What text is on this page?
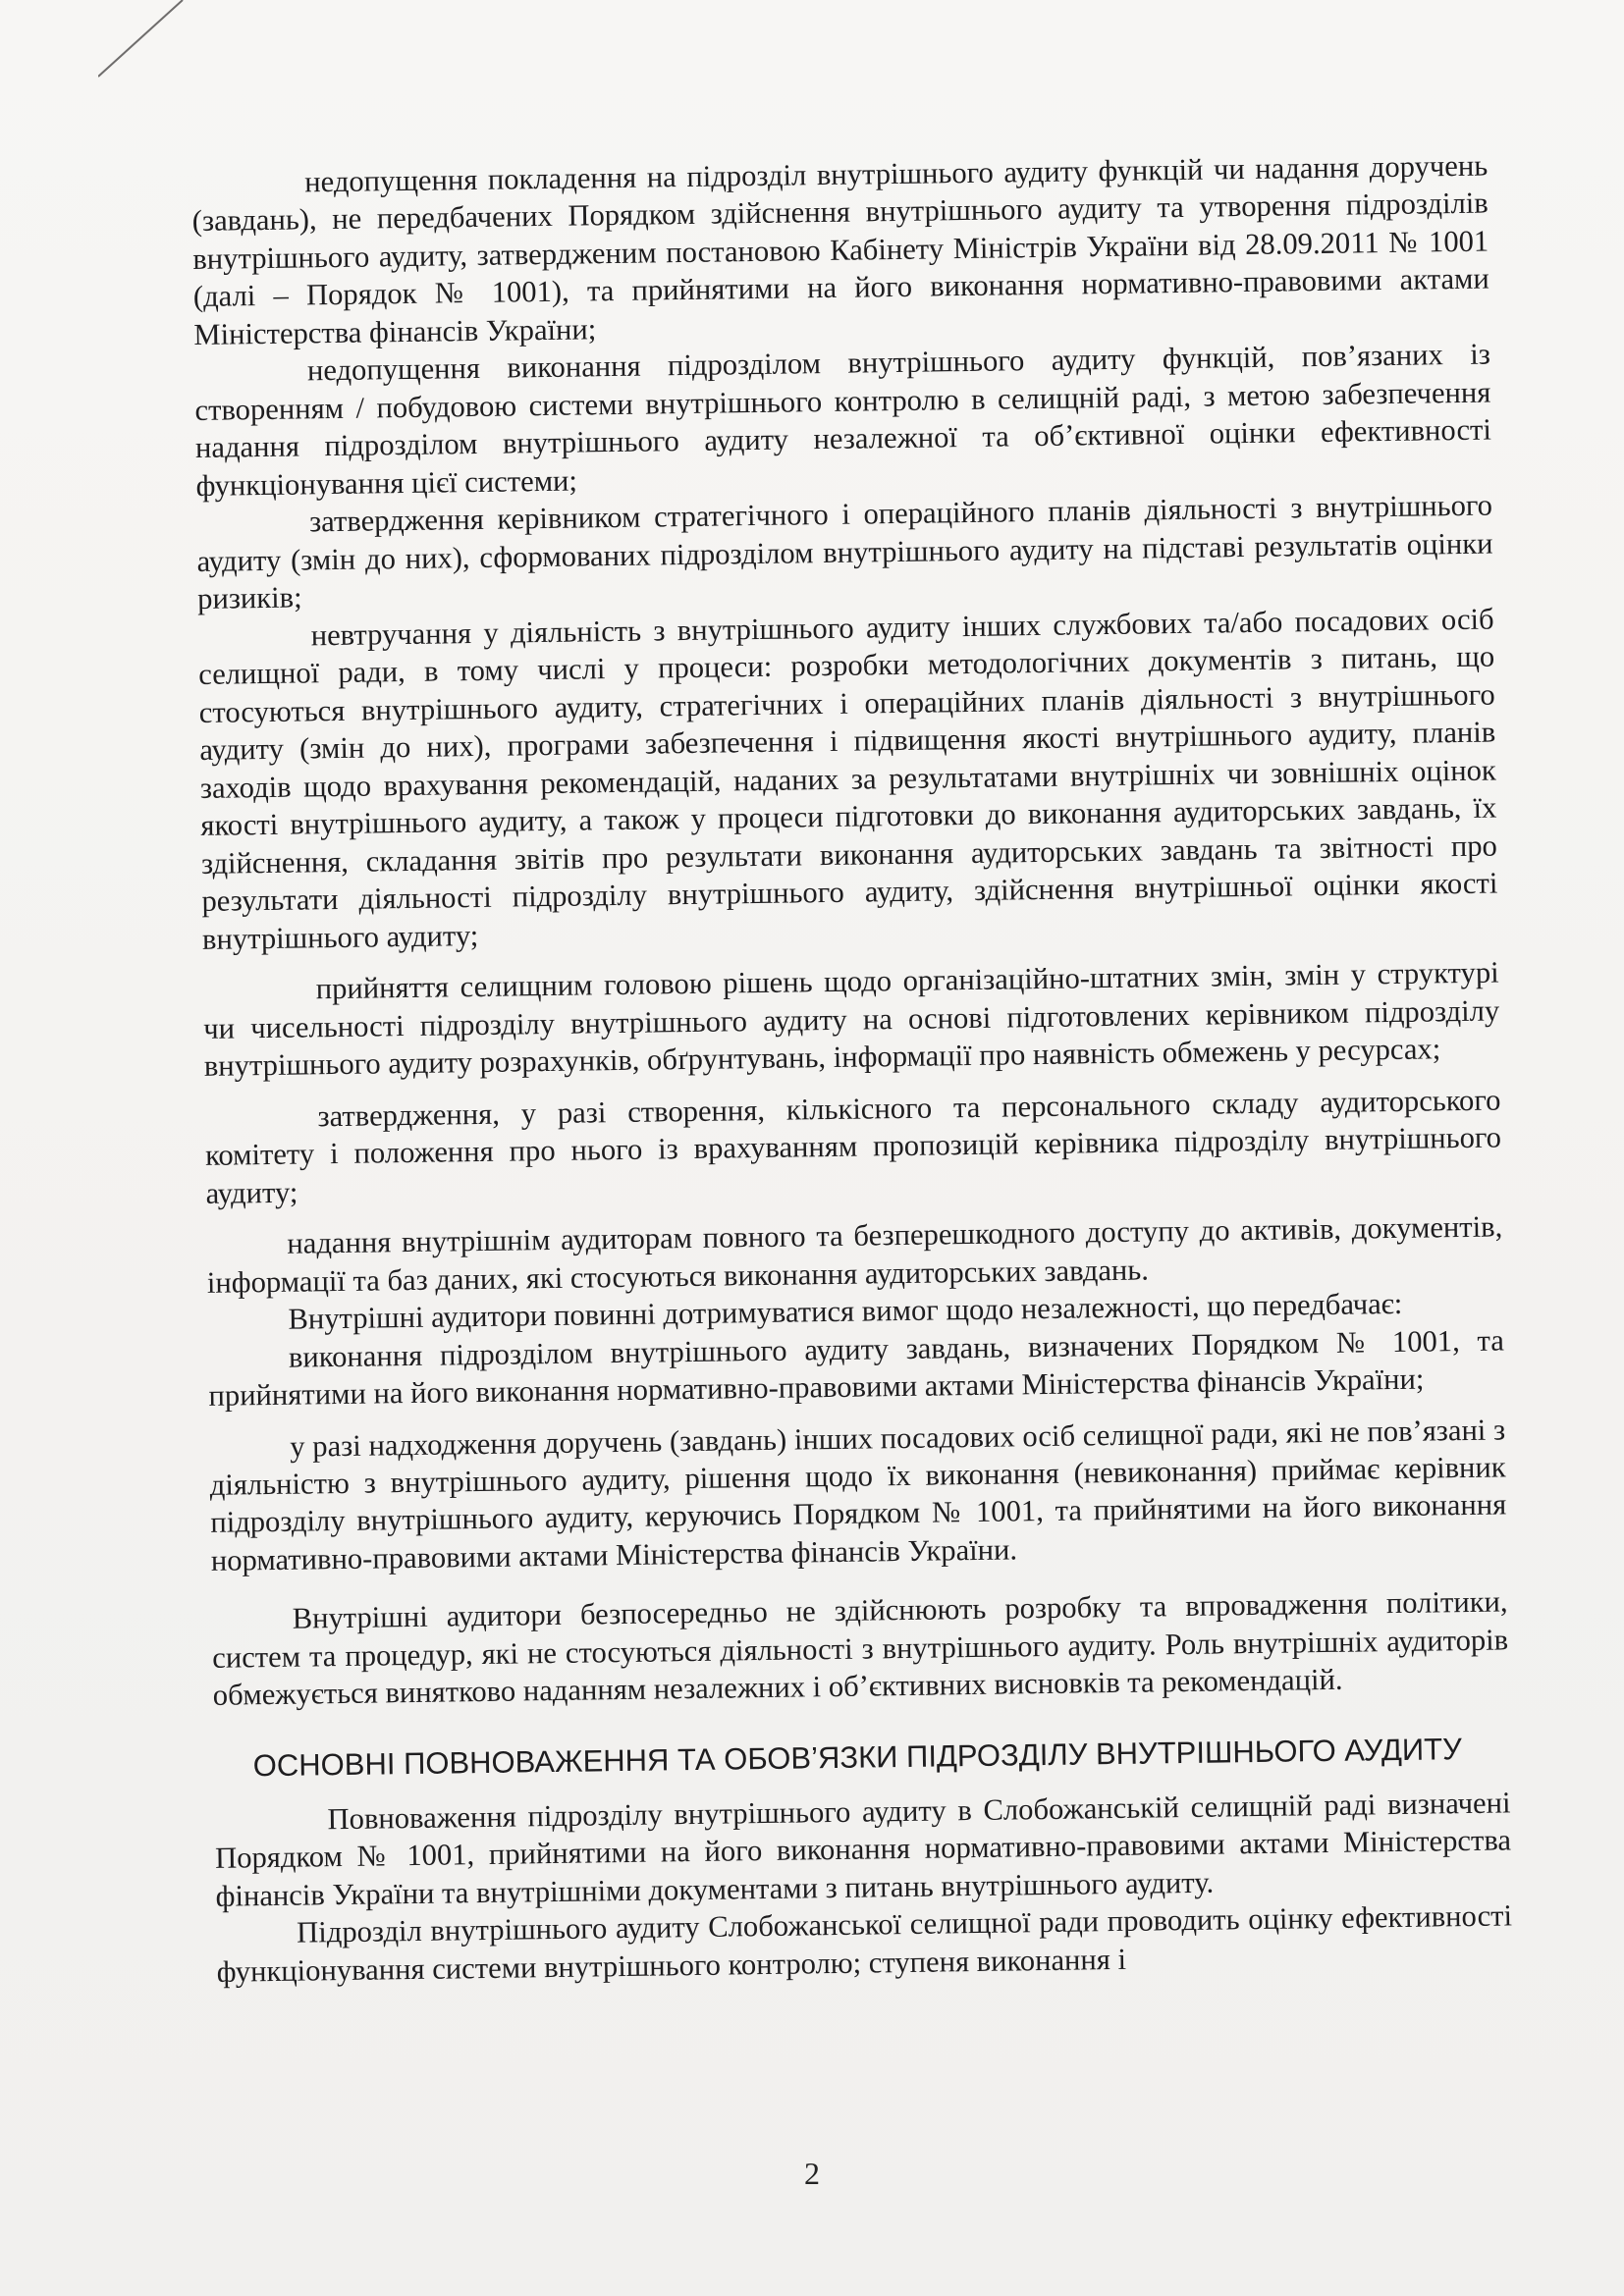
недопущення покладення на підрозділ внутрішнього аудиту функцій чи надання доручень (завдань), не передбачених Порядком здійснення внутрішнього аудиту та утворення підрозділів внутрішнього аудиту, затвердженим постановою Кабінету Міністрів України від 28.09.2011 № 1001 (далі – Порядок № 1001), та прийнятими на його виконання нормативно-правовими актами Міністерства фінансів України;

недопущення виконання підрозділом внутрішнього аудиту функцій, пов’язаних із створенням / побудовою системи внутрішнього контролю в селищній раді, з метою забезпечення надання підрозділом внутрішнього аудиту незалежної та об’єктивної оцінки ефективності функціонування цієї системи;

затвердження керівником стратегічного і операційного планів діяльності з внутрішнього аудиту (змін до них), сформованих підрозділом внутрішнього аудиту на підставі результатів оцінки ризиків;

невтручання у діяльність з внутрішнього аудиту інших службових та/або посадових осіб селищної ради, в тому числі у процеси: розробки методологічних документів з питань, що стосуються внутрішнього аудиту, стратегічних і операційних планів діяльності з внутрішнього аудиту (змін до них), програми забезпечення і підвищення якості внутрішнього аудиту, планів заходів щодо врахування рекомендацій, наданих за результатами внутрішніх чи зовнішніх оцінок якості внутрішнього аудиту, а також у процеси підготовки до виконання аудиторських завдань, їх здійснення, складання звітів про результати виконання аудиторських завдань та звітності про результати діяльності підрозділу внутрішнього аудиту, здійснення внутрішньої оцінки якості внутрішнього аудиту;

прийняття селищним головою рішень щодо організаційно-штатних змін, змін у структурі чи чисельності підрозділу внутрішнього аудиту на основі підготовлених керівником підрозділу внутрішнього аудиту розрахунків, обґрунтувань, інформації про наявність обмежень у ресурсах;

затвердження, у разі створення, кількісного та персонального складу аудиторського комітету і положення про нього із врахуванням пропозицій керівника підрозділу внутрішнього аудиту;

надання внутрішнім аудиторам повного та безперешкодного доступу до активів, документів, інформації та баз даних, які стосуються виконання аудиторських завдань.

Внутрішні аудитори повинні дотримуватися вимог щодо незалежності, що передбачає:

виконання підрозділом внутрішнього аудиту завдань, визначених Порядком № 1001, та прийнятими на його виконання нормативно-правовими актами Міністерства фінансів України;

у разі надходження доручень (завдань) інших посадових осіб селищної ради, які не пов’язані з діяльністю з внутрішнього аудиту, рішення щодо їх виконання (невиконання) приймає керівник підрозділу внутрішнього аудиту, керуючись Порядком № 1001, та прийнятими на його виконання нормативно-правовими актами Міністерства фінансів України.

Внутрішні аудитори безпосередньо не здійснюють розробку та впровадження політики, систем та процедур, які не стосуються діяльності з внутрішнього аудиту. Роль внутрішніх аудиторів обмежується винятково наданням незалежних і об’єктивних висновків та рекомендацій.

ОСНОВНІ ПОВНОВАЖЕННЯ ТА ОБОВ’ЯЗКИ ПІДРОЗДІЛУ ВНУТРІШНЬОГО АУДИТУ

Повноваження підрозділу внутрішнього аудиту в Слобожанській селищній раді визначені Порядком № 1001, прийнятими на його виконання нормативно-правовими актами Міністерства фінансів України та внутрішніми документами з питань внутрішнього аудиту.

Підрозділ внутрішнього аудиту Слобожанської селищної ради проводить оцінку ефективності функціонування системи внутрішнього контролю; ступеня виконання і

2
